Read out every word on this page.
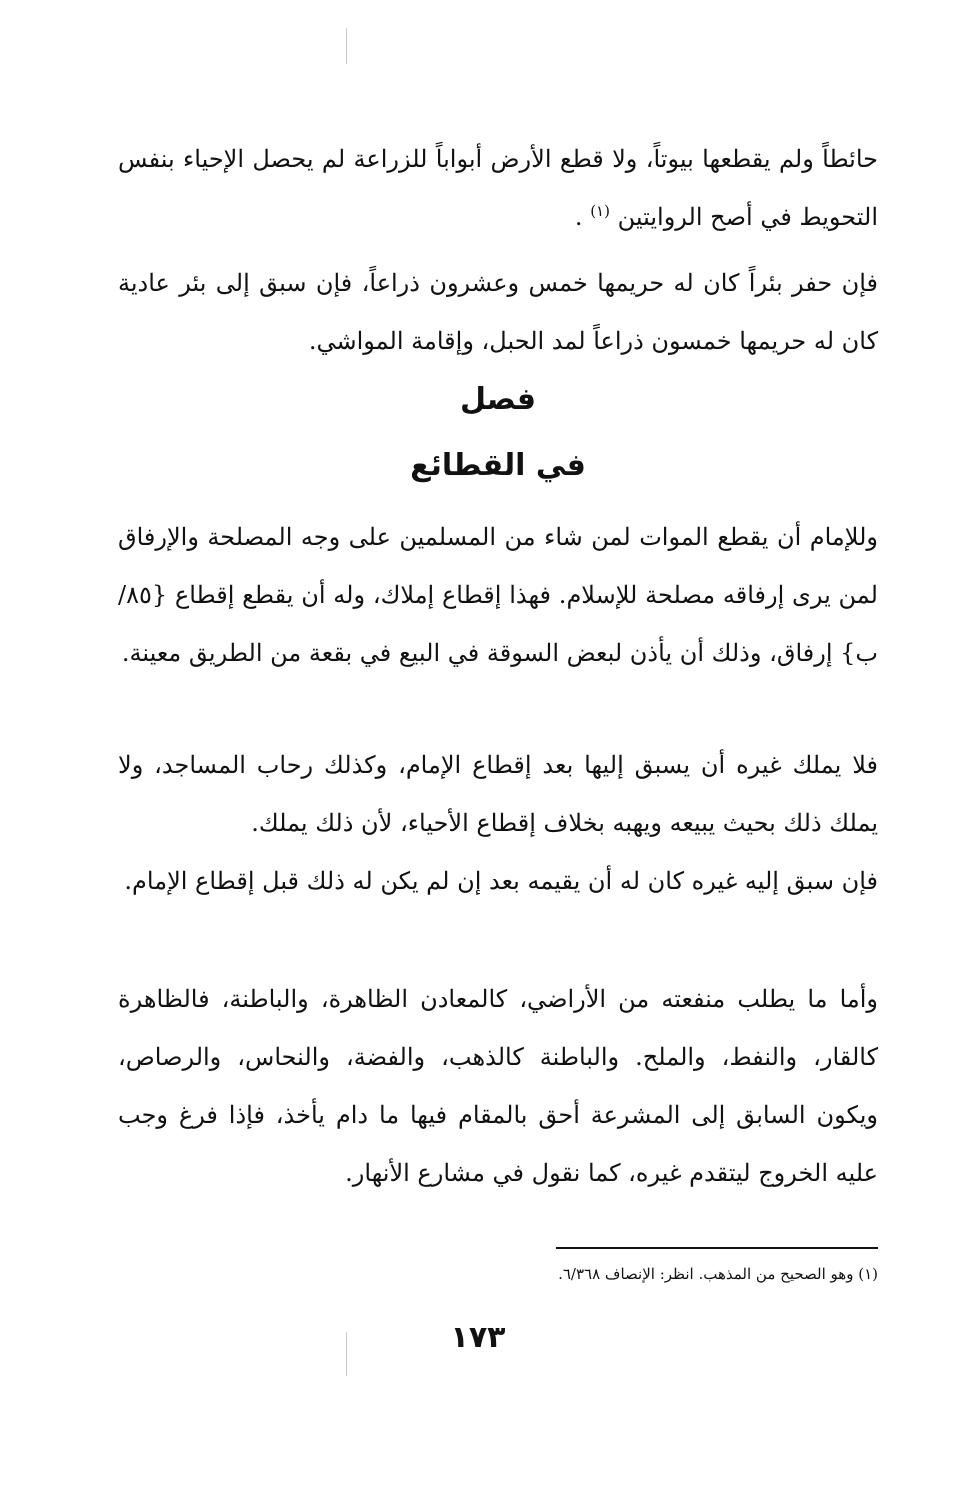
حائطاً ولم يقطعها بيوتاً، ولا قطع الأرض أبواباً للزراعة لم يحصل الإحياء بنفس التحويط في أصح الروايتين $^{(١)}$ .

فإن حفر بئراً كان له حريمها خمس وعشرون ذراعاً، فإن سبق إلى بئر عادية كان له حريمها خمسون ذراعاً لمد الحبل، وإقامة المواشي.

فصل
في القطائع

وللإمام أن يقطع الموات لمن شاء من المسلمين على وجه المصلحة والإرفاق لمن يرى إرفاقه مصلحة للإسلام. فهذا إقطاع إملاك، وله أن يقطع إقطاع {٨٥/ ب} إرفاق، وذلك أن يأذن لبعض السوقة في البيع في بقعة من الطريق معينة.

فلا يملك غيره أن يسبق إليها بعد إقطاع الإمام، وكذلك رحاب المساجد، ولا يملك ذلك بحيث يبيعه ويهبه بخلاف إقطاع الأحياء، لأن ذلك يملك.

فإن سبق إليه غيره كان له أن يقيمه بعد إن لم يكن له ذلك قبل إقطاع الإمام.

وأما ما يطلب منفعته من الأراضي، كالمعادن الظاهرة، والباطنة، فالظاهرة كالقار، والنفط، والملح. والباطنة كالذهب، والفضة، والنحاس، والرصاص، ويكون السابق إلى المشرعة أحق بالمقام فيها ما دام يأخذ، فإذا فرغ وجب عليه الخروج ليتقدم غيره، كما نقول في مشارع الأنهار.

(١) وهو الصحيح من المذهب. انظر: الإنصاف ٦/٣٦٨.

١٧٣
